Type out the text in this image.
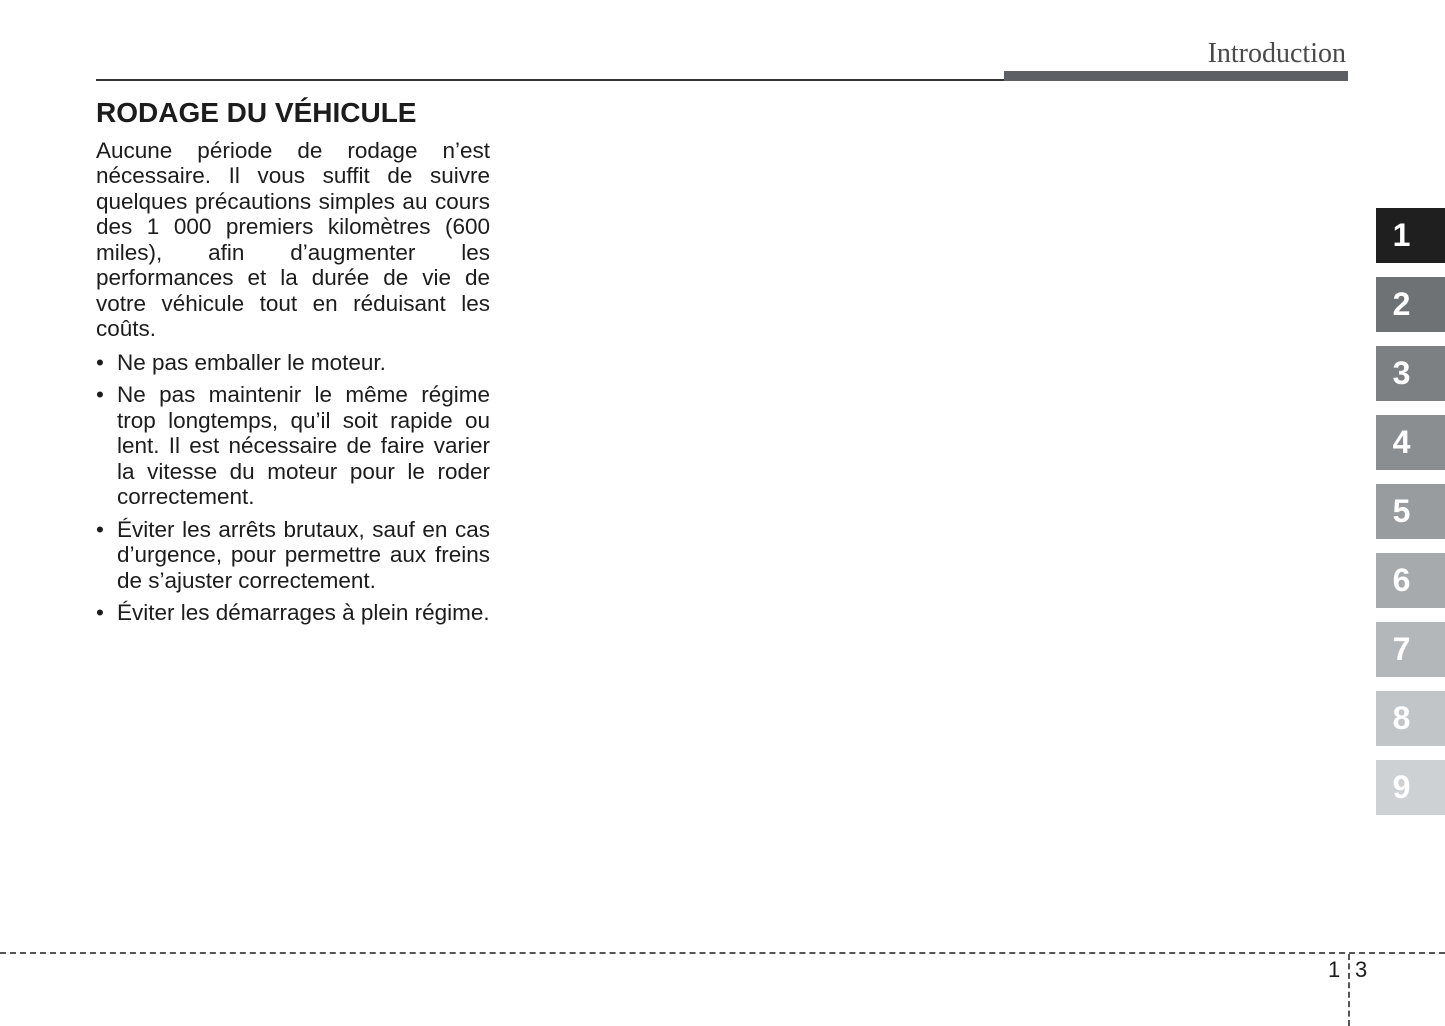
Introduction
RODAGE DU VÉHICULE

Aucune période de rodage n’est nécessaire. Il vous suffit de suivre quelques précautions simples au cours des 1 000 premiers kilomètres (600 miles), afin d’augmenter les performances et la durée de vie de votre véhicule tout en réduisant les coûts.

• Ne pas emballer le moteur.
• Ne pas maintenir le même régime trop longtemps, qu’il soit rapide ou lent. Il est nécessaire de faire varier la vitesse du moteur pour le roder correctement.
• Éviter les arrêts brutaux, sauf en cas d’urgence, pour permettre aux freins de s’ajuster correctement.
• Éviter les démarrages à plein régime.
1
2
3
4
5
6
7
8
9
1 3
